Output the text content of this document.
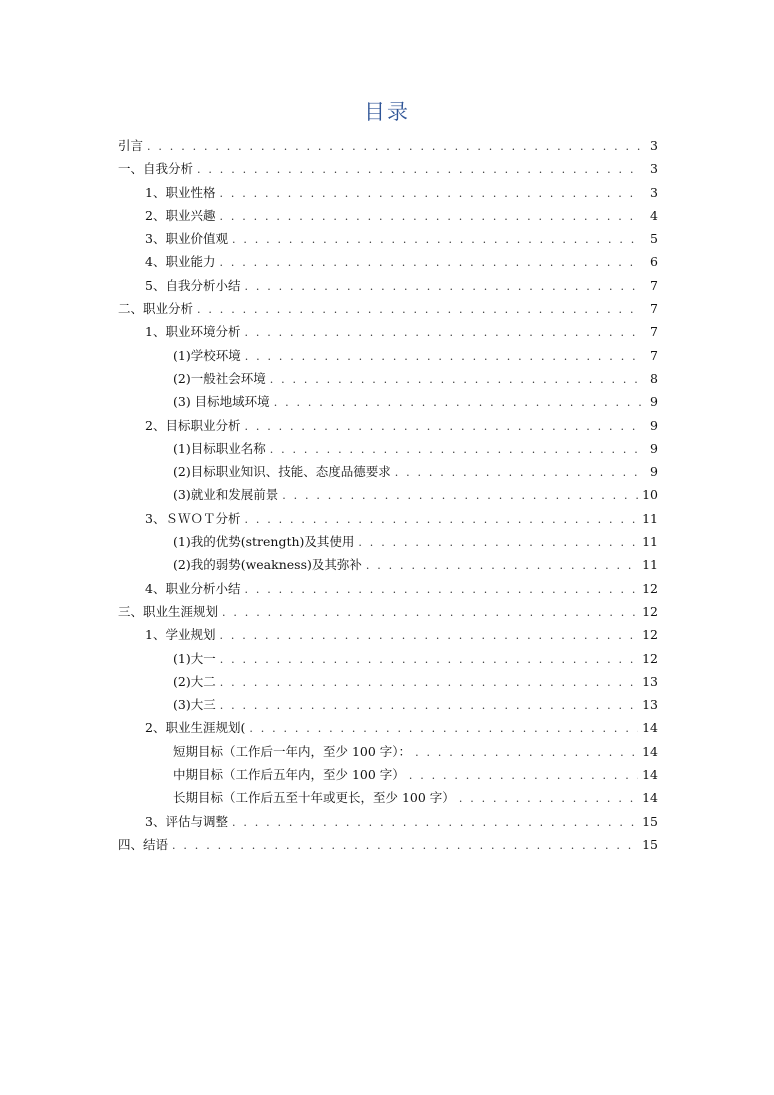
目录
引言 . . .	3
一、自我分析 . . .	3
1、职业性格 . . .	3
2、职业兴趣 . . .	4
3、职业价值观 . . .	5
4、职业能力 . . .	6
5、自我分析小结 . . .	7
二、职业分析 . . .	7
1、职业环境分析 . . .	7
(1)学校环境 . . .	7
(2)一般社会环境 . . .	8
(3) 目标地域环境 . . .	9
2、目标职业分析 . . .	9
(1)目标职业名称 . . .	9
(2)目标职业知识、技能、态度品德要求 . . .	9
(3)就业和发展前景 . . .	10
3、ＳＷＯＴ分析 . . .	11
(1)我的优势(strength)及其使用 . . .	11
(2)我的弱势(weakness)及其弥补 . . .	11
4、职业分析小结 . . .	12
三、职业生涯规划 . . .	12
1、学业规划 . . .	12
(1)大一 . . .	12
(2)大二 . . .	13
(3)大三 . . .	13
2、职业生涯规划( . . .	14
短期目标（工作后一年内，至少 100 字）： . . .	14
中期目标（工作后五年内，至少 100 字） . . .	14
长期目标（工作后五至十年或更长，至少 100 字） . . .	14
3、评估与调整 . . .	15
四、结语 . . .	15
